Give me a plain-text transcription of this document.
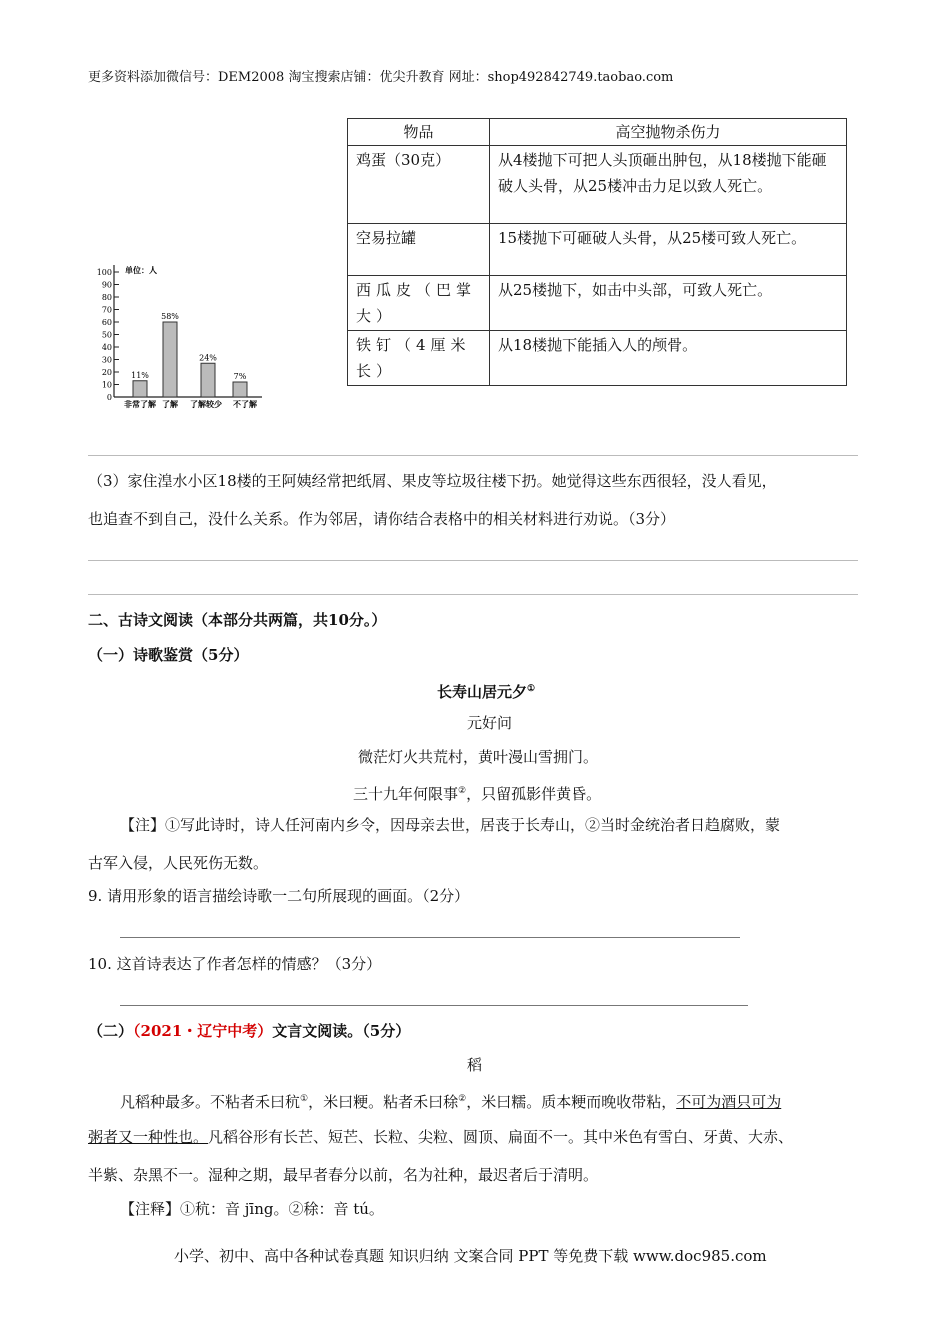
更多资料添加微信号：DEM2008 淘宝搜索店铺：优尖升教育 网址：shop492842749.taobao.com
单位：人
0
10
20
30
40
50
60
70
80
90
100
11%
非常了解
58%
了解
24%
了解较少
7%
不了解
物品	高空抛物杀伤力
鸡蛋（30克）	从4楼抛下可把人头顶砸出肿包，从18楼抛下能砸破人头骨，从25楼冲击力足以致人死亡。
空易拉罐	15楼抛下可砸破人头骨，从25楼可致人死亡。
西瓜皮（巴掌大）	从25楼抛下，如击中头部，可致人死亡。
铁钉（4厘米长）	从18楼抛下能插入人的颅骨。
（3）家住湟水小区18楼的王阿姨经常把纸屑、果皮等垃圾往楼下扔。她觉得这些东西很轻，没人看见，
也追查不到自己，没什么关系。作为邻居，请你结合表格中的相关材料进行劝说。（3分）
二、古诗文阅读（本部分共两篇，共10分。）
（一）诗歌鉴赏（5分）
长寿山居元夕①
元好问
微茫灯火共荒村，黄叶漫山雪拥门。
三十九年何限事②，只留孤影伴黄昏。
【注】①写此诗时，诗人任河南内乡令，因母亲去世，居丧于长寿山，②当时金统治者日趋腐败，蒙
古军入侵，人民死伤无数。
9. 请用形象的语言描绘诗歌一二句所展现的画面。（2分）
10. 这首诗表达了作者怎样的情感？（3分）
（二）（2021・辽宁中考）文言文阅读。（5分）
稻
凡稻种最多。不粘者禾曰秔①，米曰粳。粘者禾曰稌②，米曰糯。质本粳而晚收带粘，不可为酒只可为
粥者又一种性也。凡稻谷形有长芒、短芒、长粒、尖粒、圆顶、扁面不一。其中米色有雪白、牙黄、大赤、
半紫、杂黑不一。湿种之期，最早者春分以前，名为社种，最迟者后于清明。
【注释】①秔：音 jīng。②稌：音 tú。
小学、初中、高中各种试卷真题 知识归纳 文案合同 PPT 等免费下载 www.doc985.com
